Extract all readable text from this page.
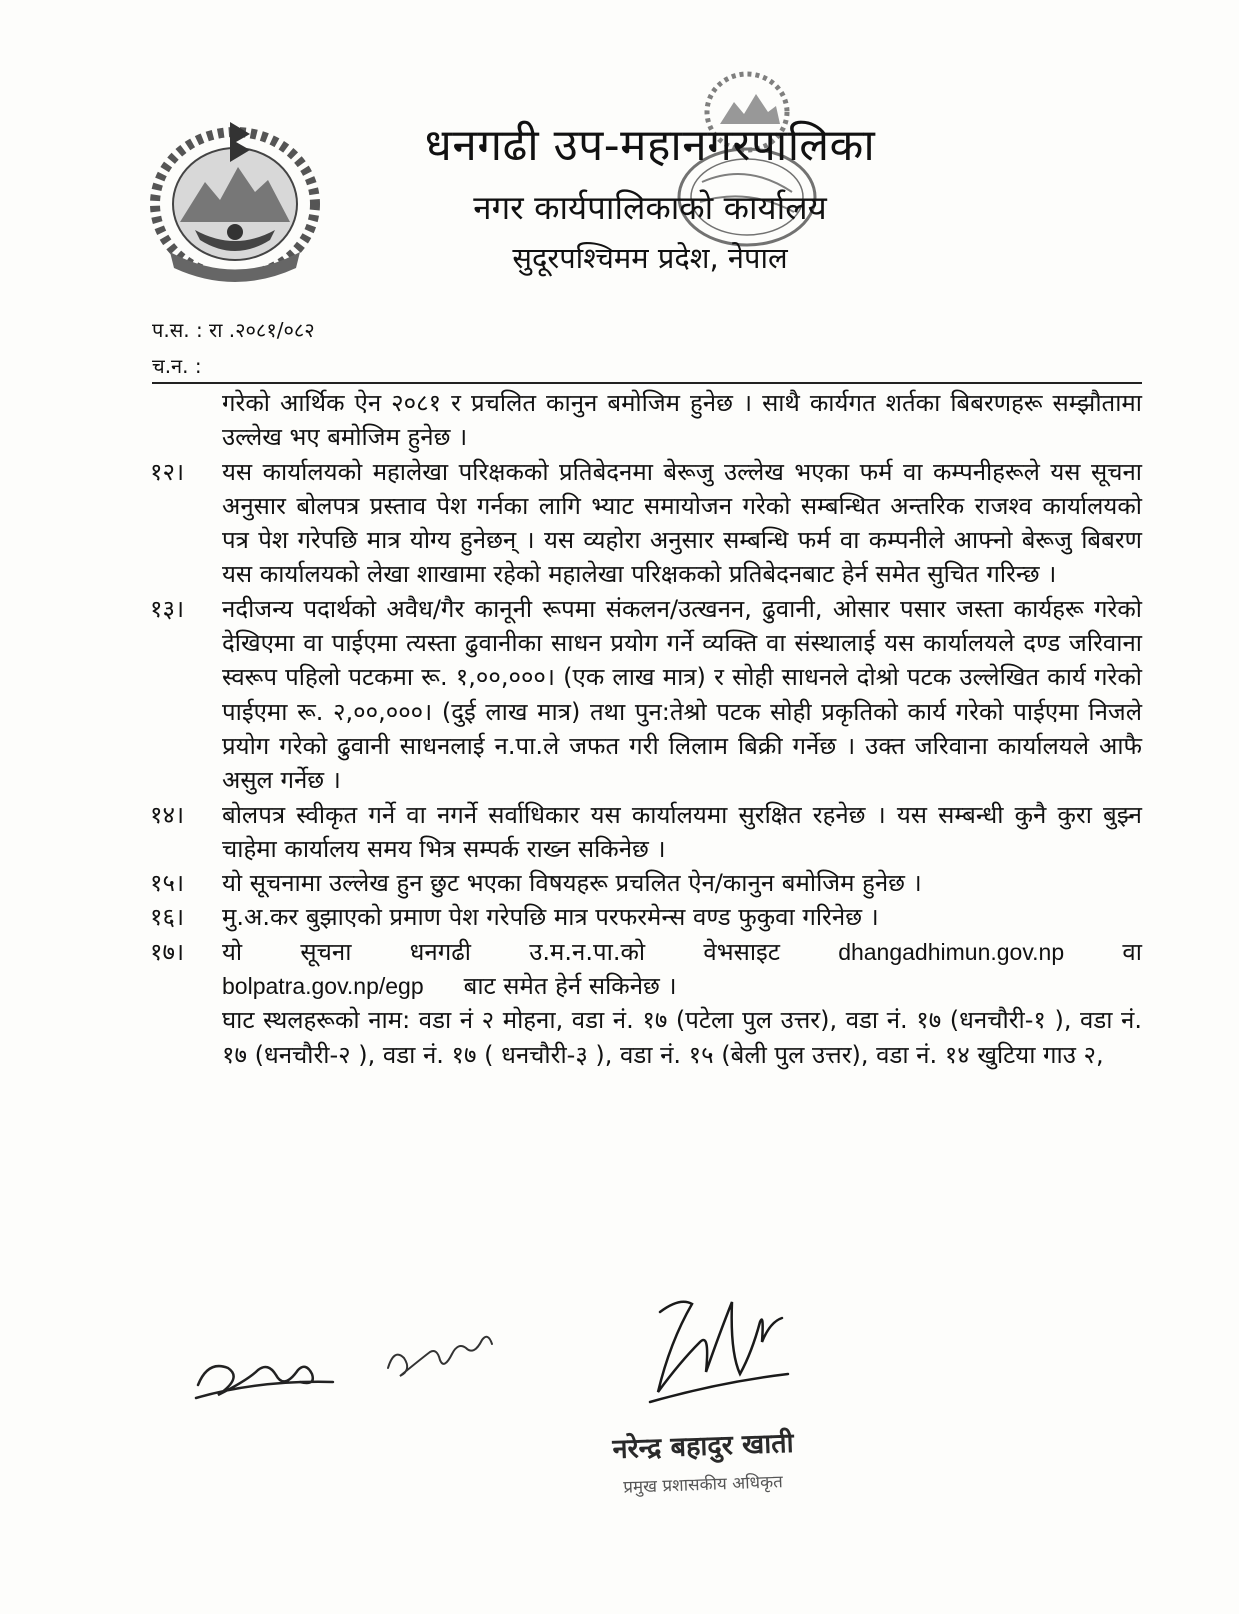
धनगढी उप-महानगरपालिका
नगर कार्यपालिकाको कार्यालय
सुदूरपश्चिमम प्रदेश, नेपाल
प.स. : रा .२०८१/०८२
च.न. :
गरेको आर्थिक ऐन २०८१ र प्रचलित कानुन बमोजिम हुनेछ । साथै कार्यगत शर्तका बिबरणहरू सम्झौतामा उल्लेख भए बमोजिम हुनेछ ।
१२।	यस कार्यालयको महालेखा परिक्षकको प्रतिबेदनमा बेरूजु उल्लेख भएका फर्म वा कम्पनीहरूले यस सूचना अनुसार बोलपत्र प्रस्ताव पेश गर्नका लागि भ्याट समायोजन गरेको सम्बन्धित अन्तरिक राजश्व कार्यालयको पत्र पेश गरेपछि मात्र योग्य हुनेछन् । यस व्यहोरा अनुसार सम्बन्धि फर्म वा कम्पनीले आफ्नो बेरूजु बिबरण यस कार्यालयको लेखा शाखामा रहेको महालेखा परिक्षकको प्रतिबेदनबाट हेर्न समेत सुचित गरिन्छ ।
१३।	नदीजन्य पदार्थको अवैध/गैर कानूनी रूपमा संकलन/उत्खनन, ढुवानी, ओसार पसार जस्ता कार्यहरू गरेको देखिएमा वा पाईएमा त्यस्ता ढुवानीका साधन प्रयोग गर्ने व्यक्ति वा संस्थालाई यस कार्यालयले दण्ड जरिवाना स्वरूप पहिलो पटकमा रू. १,००,०००। (एक लाख मात्र) र सोही साधनले दोश्रो पटक उल्लेखित कार्य गरेको पाईएमा रू. २,००,०००। (दुई लाख मात्र) तथा पुन:तेश्रो पटक सोही प्रकृतिको कार्य गरेको पाईएमा निजले प्रयोग गरेको ढुवानी साधनलाई न.पा.ले जफत गरी लिलाम बिक्री गर्नेछ । उक्त जरिवाना कार्यालयले आफै असुल गर्नेछ ।
१४।	बोलपत्र स्वीकृत गर्ने वा नगर्ने सर्वाधिकार यस कार्यालयमा सुरक्षित रहनेछ । यस सम्बन्धी कुनै कुरा बुझ्न चाहेमा कार्यालय समय भित्र सम्पर्क राख्न सकिनेछ ।
१५।	यो सूचनामा उल्लेख हुन छुट भएका विषयहरू प्रचलित ऐन/कानुन बमोजिम हुनेछ ।
१६।	मु.अ.कर बुझाएको प्रमाण पेश गरेपछि मात्र परफरमेन्स वण्ड फुकुवा गरिनेछ ।
१७।	यो सूचना धनगढी उ.म.न.पा.को वेभसाइट	dhangadhimun.gov.np वा
bolpatra.gov.np/egp बाट समेत हेर्न सकिनेछ ।
घाट स्थलहरूको नाम: वडा नं २ मोहना, वडा नं. १७ (पटेला पुल उत्तर), वडा नं. १७ (धनचौरी-१ ), वडा नं. १७ (धनचौरी-२ ), वडा नं. १७ ( धनचौरी-३ ), वडा नं. १५ (बेली पुल उत्तर), वडा नं. १४ खुटिया गाउ २,
नरेन्द्र बहादुर खाती
प्रमुख प्रशासकीय अधिकृत
